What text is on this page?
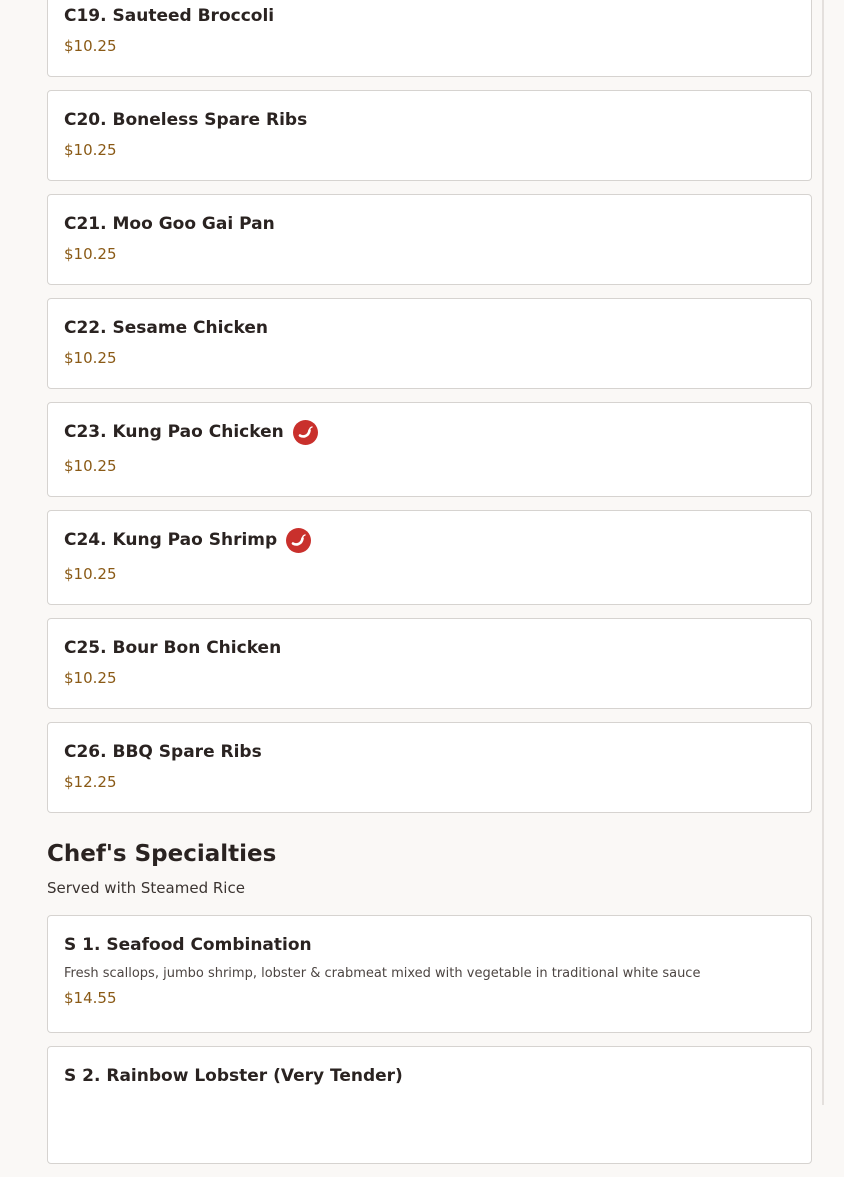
C19. Sauteed Broccoli
$10.25
C20. Boneless Spare Ribs
$10.25
C21. Moo Goo Gai Pan
$10.25
C22. Sesame Chicken
$10.25
C23. Kung Pao Chicken
$10.25
C24. Kung Pao Shrimp
$10.25
C25. Bour Bon Chicken
$10.25
C26. BBQ Spare Ribs
$12.25
Chef's Specialties
Served with Steamed Rice
S 1. Seafood Combination
Fresh scallops, jumbo shrimp, lobster & crabmeat mixed with vegetable in traditional white sauce
$14.55
S 2. Rainbow Lobster (Very Tender)
